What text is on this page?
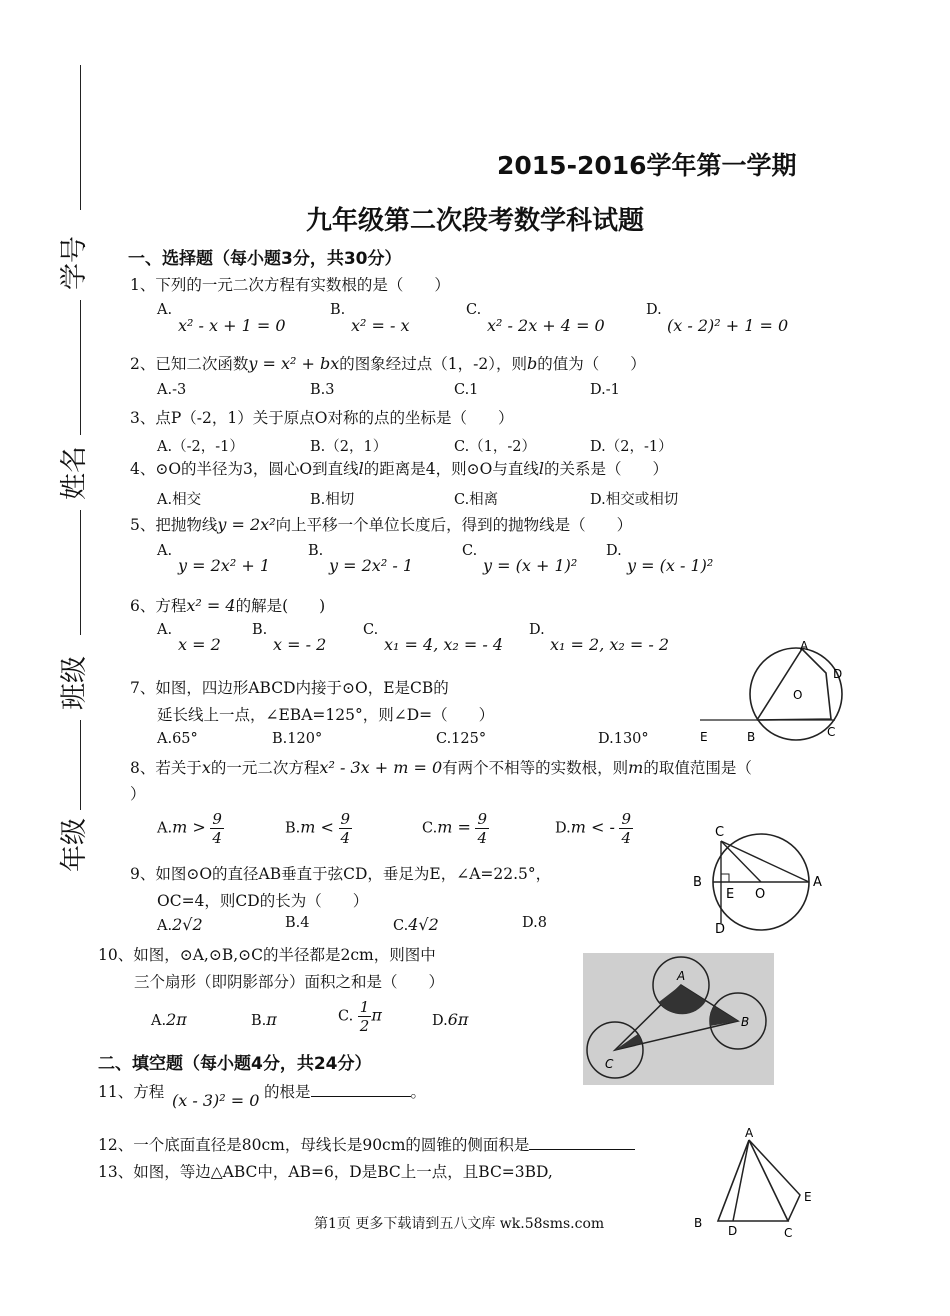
学号
姓名
班级
年级
2015-2016学年第一学期
九年级第二次段考数学科试题
一、选择题（每小题3分，共30分）
1、下列的一元二次方程有实数根的是（　　）
A.
x² - x + 1 = 0
B.
x² = - x
C.
x² - 2x + 4 = 0
D.
(x - 2)² + 1 = 0
2、已知二次函数y = x² + bx的图象经过点（1，-2），则b的值为（　　）
A.-3	B.3	C.1	D.-1
3、点P（-2，1）关于原点O对称的点的坐标是（　　）
A.（-2，-1）	B.（2，1）	C.（1，-2）	D.（2，-1）
4、⊙O的半径为3，圆心O到直线l的距离是4，则⊙O与直线l的关系是（　　）
A.相交	B.相切	C.相离	D.相交或相切
5、把抛物线y = 2x²向上平移一个单位长度后，得到的抛物线是（　　）
A.
y = 2x² + 1
B.
y = 2x² - 1
C.
y = (x + 1)²
D.
y = (x - 1)²
6、方程x² = 4的解是(　　)
A.
x = 2
B.
x = - 2
C.
x₁ = 4, x₂ = - 4
D.
x₁ = 2, x₂ = - 2
7、如图，四边形ABCD内接于⊙O，E是CB的
延长线上一点，∠EBA=125°，则∠D=（　　）
A.65°	B.120°	C.125°	D.130°
A
D
O
C
B
E
8、若关于x的一元二次方程x² - 3x + m = 0有两个不相等的实数根，则m的取值范围是（
）
$A.m > \frac{9}{4}$	$B.m < \frac{9}{4}$	$C.m = \frac{9}{4}$	D.m < - $\frac{9}{4}$	C
B
E O
A
D
9、如图⊙O的直径AB垂直于弦CD，垂足为E，∠A=22.5°，
OC=4，则CD的长为（　　）
A.2√2	B.4	C.4√2	D.8
10、如图，⊙A,⊙B,⊙C的半径都是2cm，则图中
三个扇形（即阴影部分）面积之和是（　　）
A.2π	B.π	C. $\frac{1}{2}$ π	D.6π
A
B
C
二、填空题（每小题4分，共24分）
11、方程 (x - 3)² = 0 的根是	。
12、一个底面直径是80cm，母线长是90cm的圆锥的侧面积是
13、如图，等边△ABC中，AB=6，D是BC上一点，且BC=3BD,
A
E
B
D	C
第1页 更多下载请到五八文库 wk.58sms.com
